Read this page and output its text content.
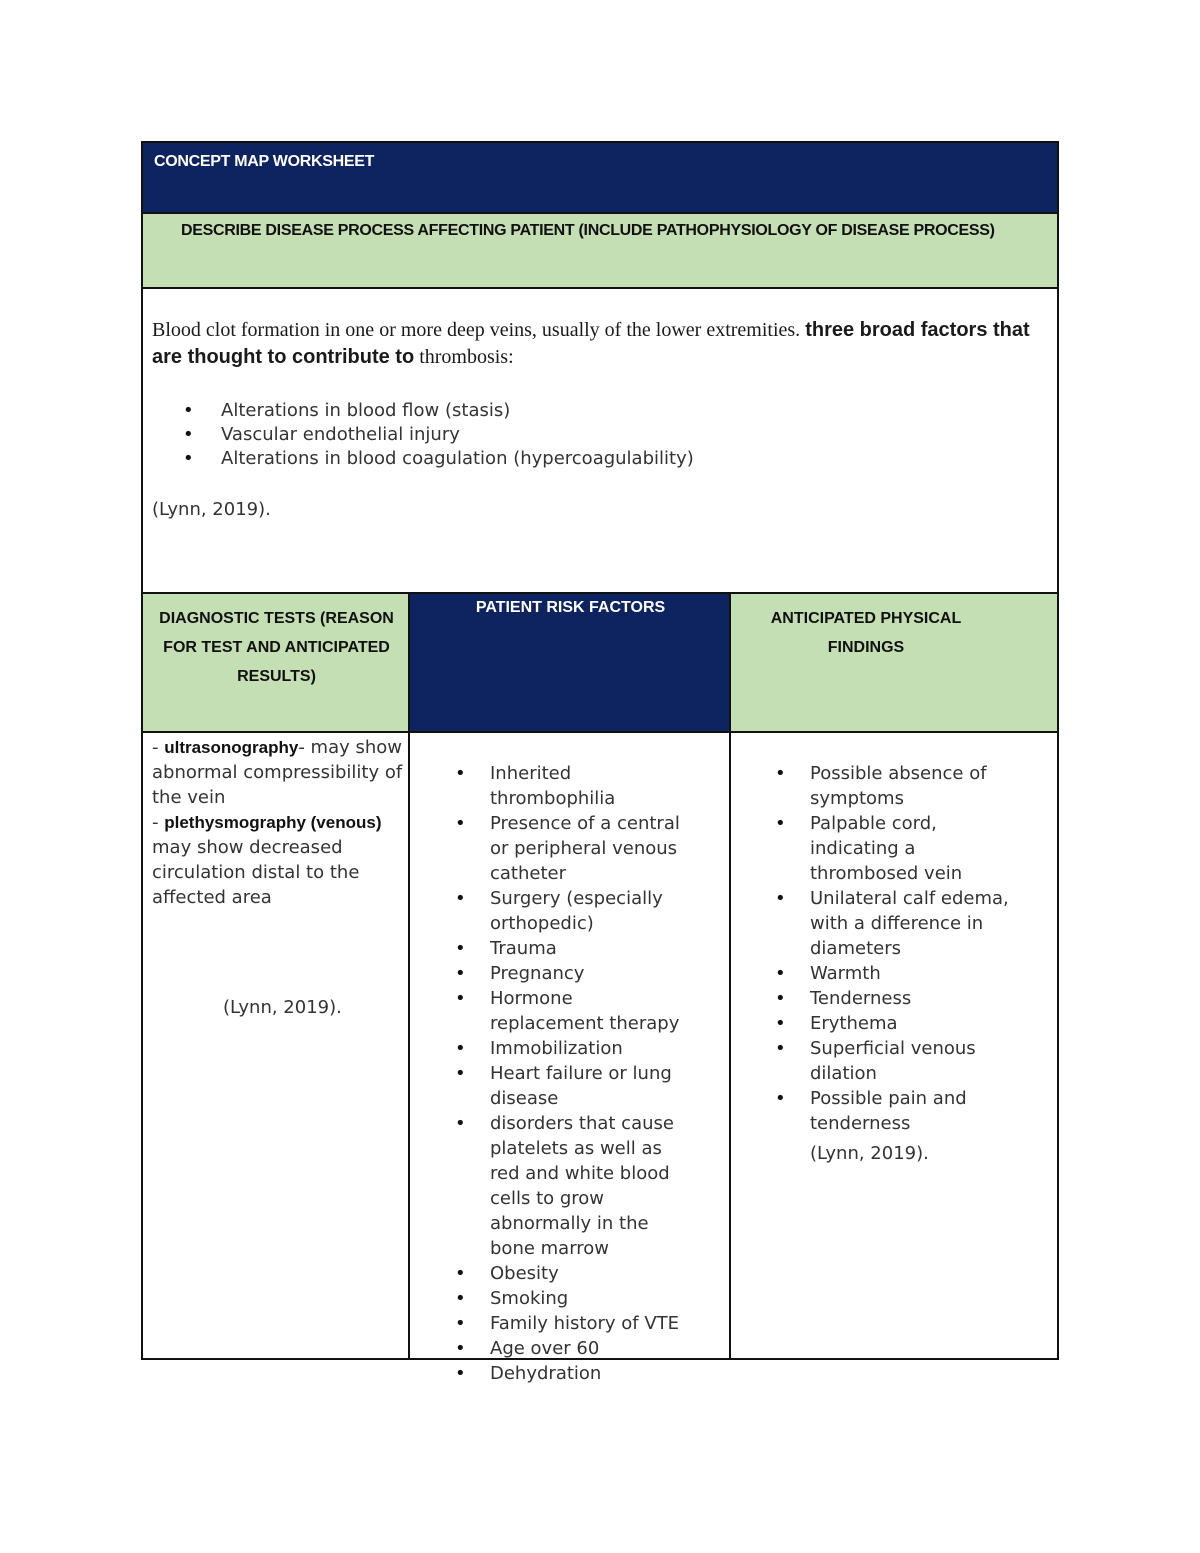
CONCEPT MAP WORKSHEET
DESCRIBE DISEASE PROCESS AFFECTING PATIENT (INCLUDE PATHOPHYSIOLOGY OF DISEASE PROCESS)
Blood clot formation in one or more deep veins, usually of the lower extremities. three broad factors that are thought to contribute to thrombosis:
• Alterations in blood flow (stasis)
• Vascular endothelial injury
• Alterations in blood coagulation (hypercoagulability)
(Lynn, 2019).
DIAGNOSTIC TESTS (REASON FOR TEST AND ANTICIPATED RESULTS)
PATIENT RISK FACTORS
ANTICIPATED PHYSICAL FINDINGS
- ultrasonography- may show abnormal compressibility of the vein
- plethysmography (venous) may show decreased circulation distal to the affected area
(Lynn, 2019).
• Inherited thrombophilia
• Presence of a central or peripheral venous catheter
• Surgery (especially orthopedic)
• Trauma
• Pregnancy
• Hormone replacement therapy
• Immobilization
• Heart failure or lung disease
• disorders that cause platelets as well as red and white blood cells to grow abnormally in the bone marrow
• Obesity
• Smoking
• Family history of VTE
• Age over 60
• Dehydration
• Possible absence of symptoms
• Palpable cord, indicating a thrombosed vein
• Unilateral calf edema, with a difference in diameters
• Warmth
• Tenderness
• Erythema
• Superficial venous dilation
• Possible pain and tenderness
(Lynn, 2019).
